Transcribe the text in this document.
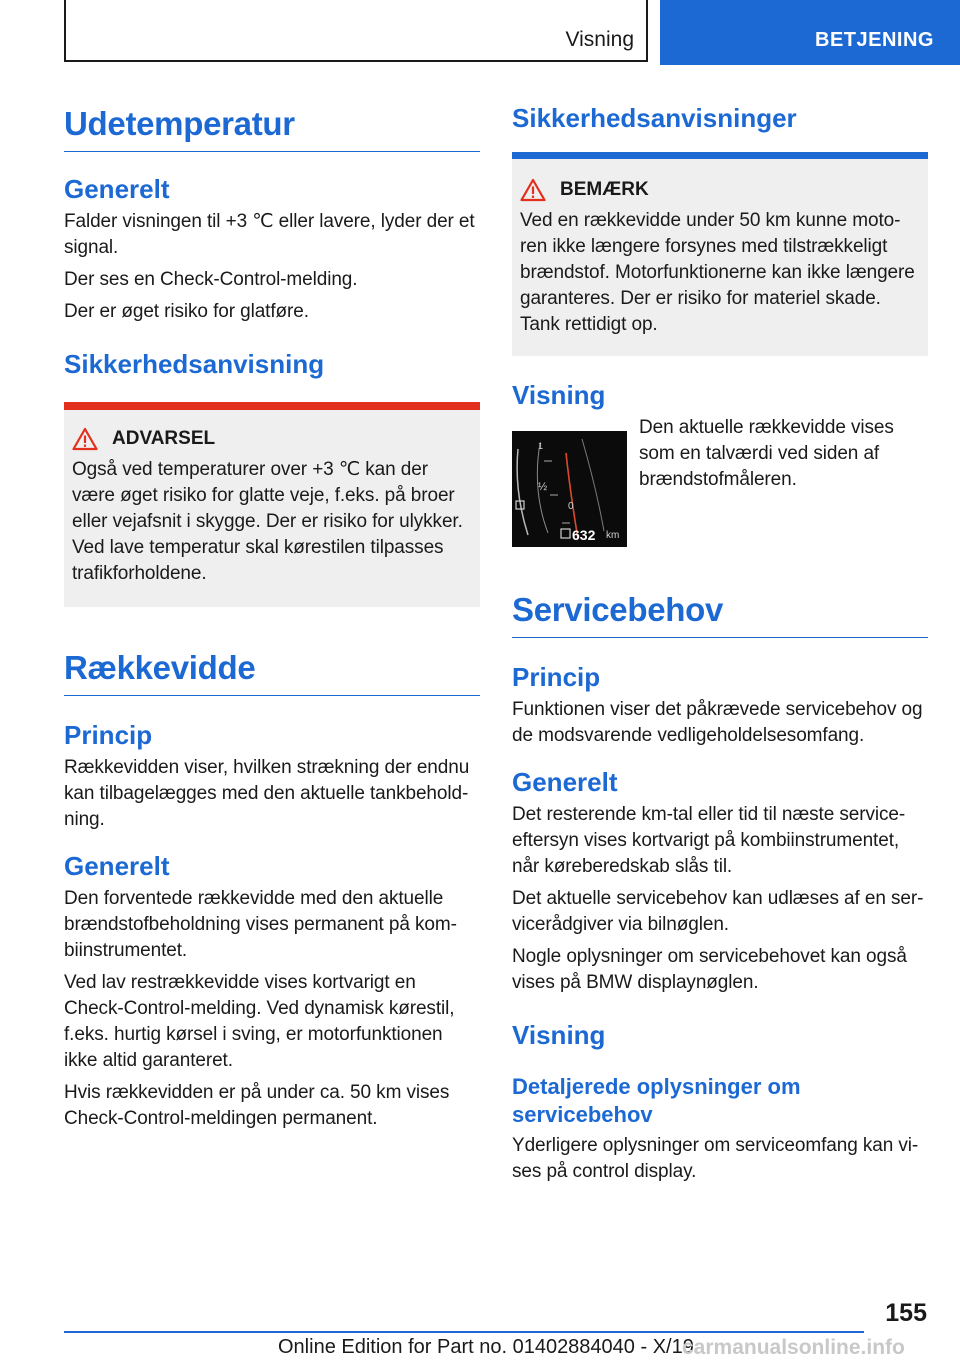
Visning	BETJENING
Udetemperatur
Generelt

Falder visningen til +3 ℃ eller lavere, lyder der et signal.

Der ses en Check-Control-melding.

Der er øget risiko for glatføre.

Sikkerhedsanvisning
ADVARSEL

Også ved temperaturer over +3 ℃ kan der være øget risiko for glatte veje, f.eks. på broer eller vejafsnit i skygge. Der er risiko for ulykker. Ved lave temperatur skal kørestilen tilpasses trafikforholdene.

Rækkevidde
Princip

Rækkevidden viser, hvilken strækning der endnu kan tilbagelægges med den aktuelle tankbeholdning.

Generelt

Den forventede rækkevidde med den aktuelle brændstofbeholdning vises permanent på kombiinstrumentet.

Ved lav restrækkevidde vises kortvarigt en Check-Control-melding. Ved dynamisk kørestil, f.eks. hurtig kørsel i sving, er motorfunktionen ikke altid garanteret.

Hvis rækkevidden er på under ca. 50 km vises Check-Control-meldingen permanent.

Sikkerhedsanvisninger
BEMÆRK

Ved en rækkevidde under 50 km kunne motoren ikke længere forsynes med tilstrækkeligt brændstof. Motorfunktionerne kan ikke længere garanteres. Der er risiko for materiel skade. Tank rettidigt op.

Visning
1
½
0
632 km

Den aktuelle rækkevidde vises som en talværdi ved siden af brændstofmåleren.

Servicebehov
Princip

Funktionen viser det påkrævede servicebehov og de modsvarende vedligeholdelsesomfang.

Generelt

Det resterende km-tal eller tid til næste serviceeftersyn vises kortvarigt på kombiinstrumentet, når køreberedskab slås til.

Det aktuelle servicebehov kan udlæses af en servicerådgiver via bilnøglen.

Nogle oplysninger om servicebehovet kan også vises på BMW displaynøglen.

Visning
Detaljerede oplysninger om servicebehov

Yderligere oplysninger om serviceomfang kan vises på control display.

155
Online Edition for Part no. 01402884040 - X/19
carmanualsonline.info
